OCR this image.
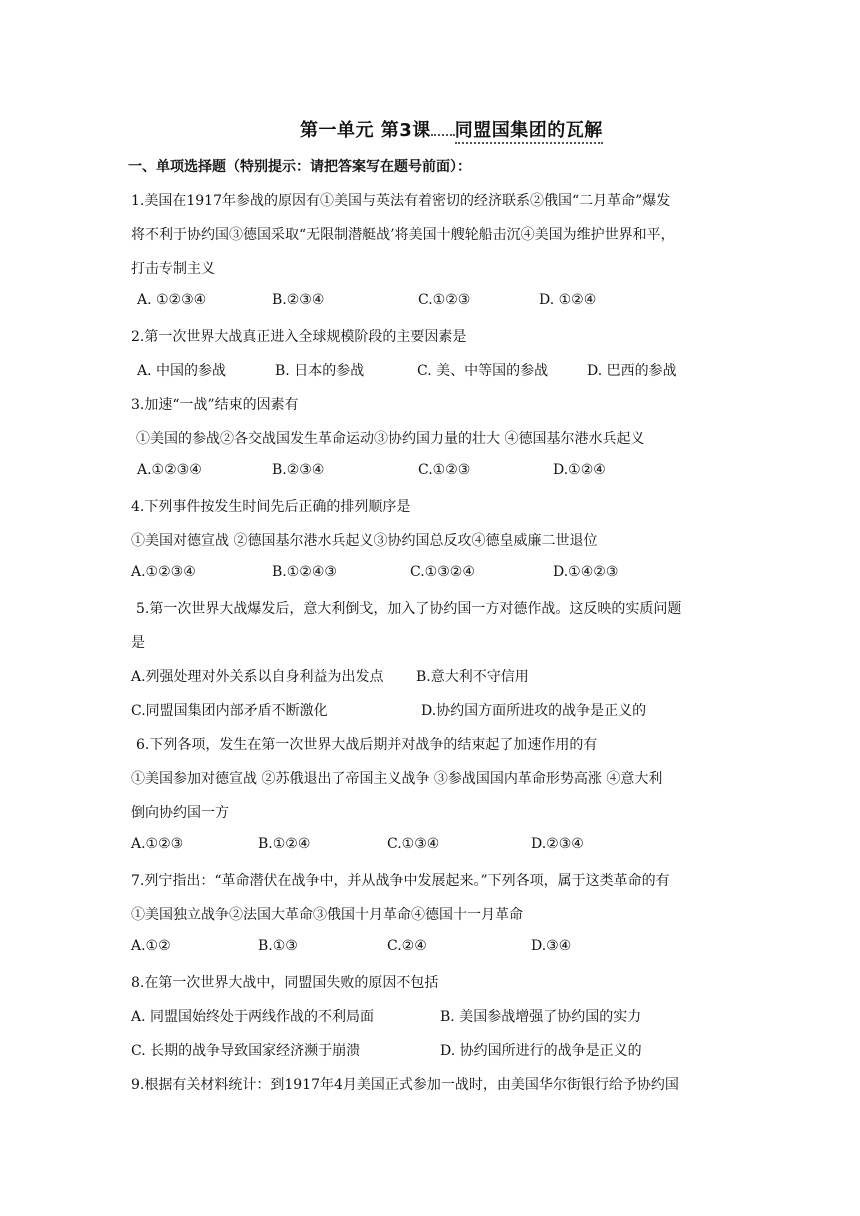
第一单元 第3课 同盟国集团的瓦解
一、单项选择题（特别提示：请把答案写在题号前面）：
1.美国在1917年参战的原因有①美国与英法有着密切的经济联系②俄国“二月革命”爆发
将不利于协约国③德国采取“无限制潜艇战’将美国十艘轮船击沉④美国为维护世界和平，
打击专制主义
A. ①②③④	B.②③④	C.①②③	D. ①②④
2.第一次世界大战真正进入全球规模阶段的主要因素是
A. 中国的参战	B. 日本的参战	C. 美、中等国的参战	D. 巴西的参战
3.加速“一战”结束的因素有
①美国的参战②各交战国发生革命运动③协约国力量的壮大 ④德国基尔港水兵起义
A.①②③④	B.②③④	C.①②③	D.①②④
4.下列事件按发生时间先后正确的排列顺序是
①美国对德宣战 ②德国基尔港水兵起义③协约国总反攻④德皇威廉二世退位
A.①②③④	B.①②④③	C.①③②④	D.①④②③
5.第一次世界大战爆发后，意大利倒戈，加入了协约国一方对德作战。这反映的实质问题
是
A.列强处理对外关系以自身利益为出发点 B.意大利不守信用
C.同盟国集团内部矛盾不断激化	D.协约国方面所进攻的战争是正义的
6.下列各项，发生在第一次世界大战后期并对战争的结束起了加速作用的有
①美国参加对德宣战 ②苏俄退出了帝国主义战争 ③参战国国内革命形势高涨 ④意大利
倒向协约国一方
A.①②③	B.①②④	C.①③④	D.②③④
7.列宁指出：“革命潜伏在战争中，并从战争中发展起来。”下列各项，属于这类革命的有
①美国独立战争②法国大革命③俄国十月革命④德国十一月革命
A.①②	B.①③	C.②④	D.③④
8.在第一次世界大战中，同盟国失败的原因不包括
A. 同盟国始终处于两线作战的不利局面	B. 美国参战增强了协约国的实力
C. 长期的战争导致国家经济濒于崩溃	D. 协约国所进行的战争是正义的
9.根据有关材料统计：到1917年4月美国正式参加一战时，由美国华尔街银行给予协约国
